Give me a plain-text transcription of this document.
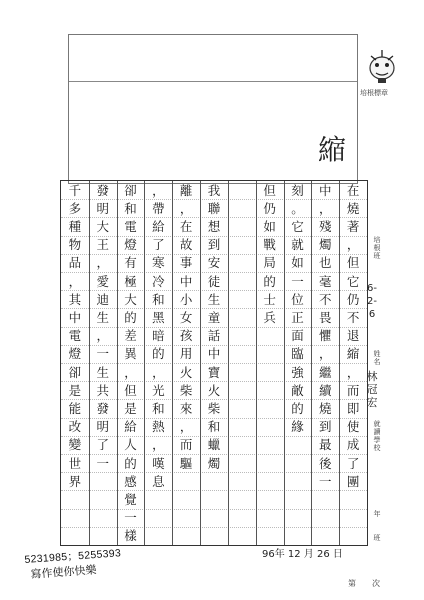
培根標章
縮
在
燒
著
，
但
它
仍
不
退
縮
，
而
即
使
成
了
團
中
，
殘
燭
也
毫
不
畏
懼
，
繼
續
燒
到
最
後
一
刻
。
它
就
如
一
位
正
面
臨
強
敵
的
緣
但
仍
如
戰
局
的
士
兵
我
聯
想
到
安
徒
生
童
話
中
寶
火
柴
和
蠟
燭
離
，
在
故
事
中
小
女
孩
用
火
柴
來
，
而
驅
，
帶
給
了
寒
冷
和
黑
暗
的
，
光
和
熱
，
嘆
息
卻
和
電
燈
有
極
大
的
差
異
，
但
是
給
人
的
感
覺
一
樣
發
明
大
王
，
愛
迪
生
，
一
生
共
發
明
了
一
千
多
種
物
品
，
其
中
電
燈
卻
是
能
改
變
世
界
培根班
6-2-6
姓名
林冠宏
就讀學校
年
班
96年 12 月 26 日
第　　次
5231985；5255393
寫作使你快樂
